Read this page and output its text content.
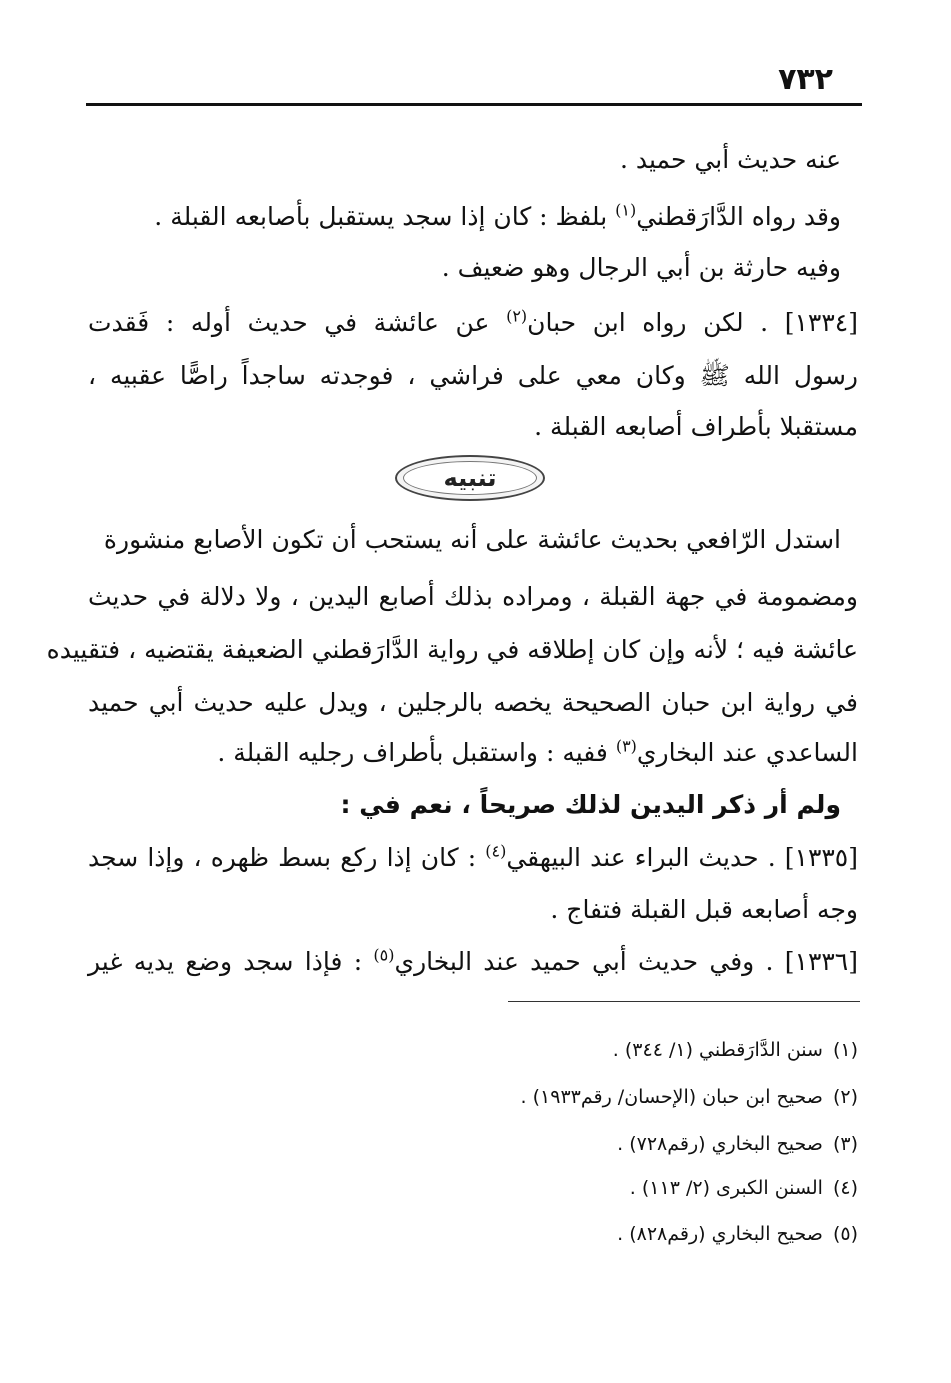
٧٣٢
عنه حديث أبي حميد .
وقد رواه الدَّارَقطني$^{(١)}$ بلفظ : كان إذا سجد يستقبل بأصابعه القبلة .
وفيه حارثة بن أبي الرجال وهو ضعيف .
[١٣٣٤] . لكن رواه ابن حبان$^{(٢)}$ عن عائشة في حديث أوله : فَقدت
رسول الله ﷺ وكان معي على فراشي ، فوجدته ساجداً راصًّا عقبيه ،
مستقبلا بأطراف أصابعه القبلة .
تنبيه
استدل الرّافعي بحديث عائشة على أنه يستحب أن تكون الأصابع منشورة
ومضمومة في جهة القبلة ، ومراده بذلك أصابع اليدين ، ولا دلالة في حديث
عائشة فيه ؛ لأنه وإن كان إطلاقه في رواية الدَّارَقطني الضعيفة يقتضيه ، فتقييده
في رواية ابن حبان الصحيحة يخصه بالرجلين ، ويدل عليه حديث أبي حميد
الساعدي عند البخاري$^{(٣)}$ ففيه : واستقبل بأطراف رجليه القبلة .
ولم أر ذكر اليدين لذلك صريحاً ، نعم في :
[١٣٣٥] . حديث البراء عند البيهقي$^{(٤)}$ : كان إذا ركع بسط ظهره ، وإذا سجد
وجه أصابعه قبل القبلة فتفاج .
[١٣٣٦] . وفي حديث أبي حميد عند البخاري$^{(٥)}$ : فإذا سجد وضع يديه غير
(١)سنن الدَّارَقطني (١/ ٣٤٤) .
(٢)صحيح ابن حبان (الإحسان/ رقم١٩٣٣) .
(٣)صحيح البخاري (رقم٧٢٨) .
(٤)السنن الكبرى (٢/ ١١٣) .
(٥)صحيح البخاري (رقم٨٢٨) .
